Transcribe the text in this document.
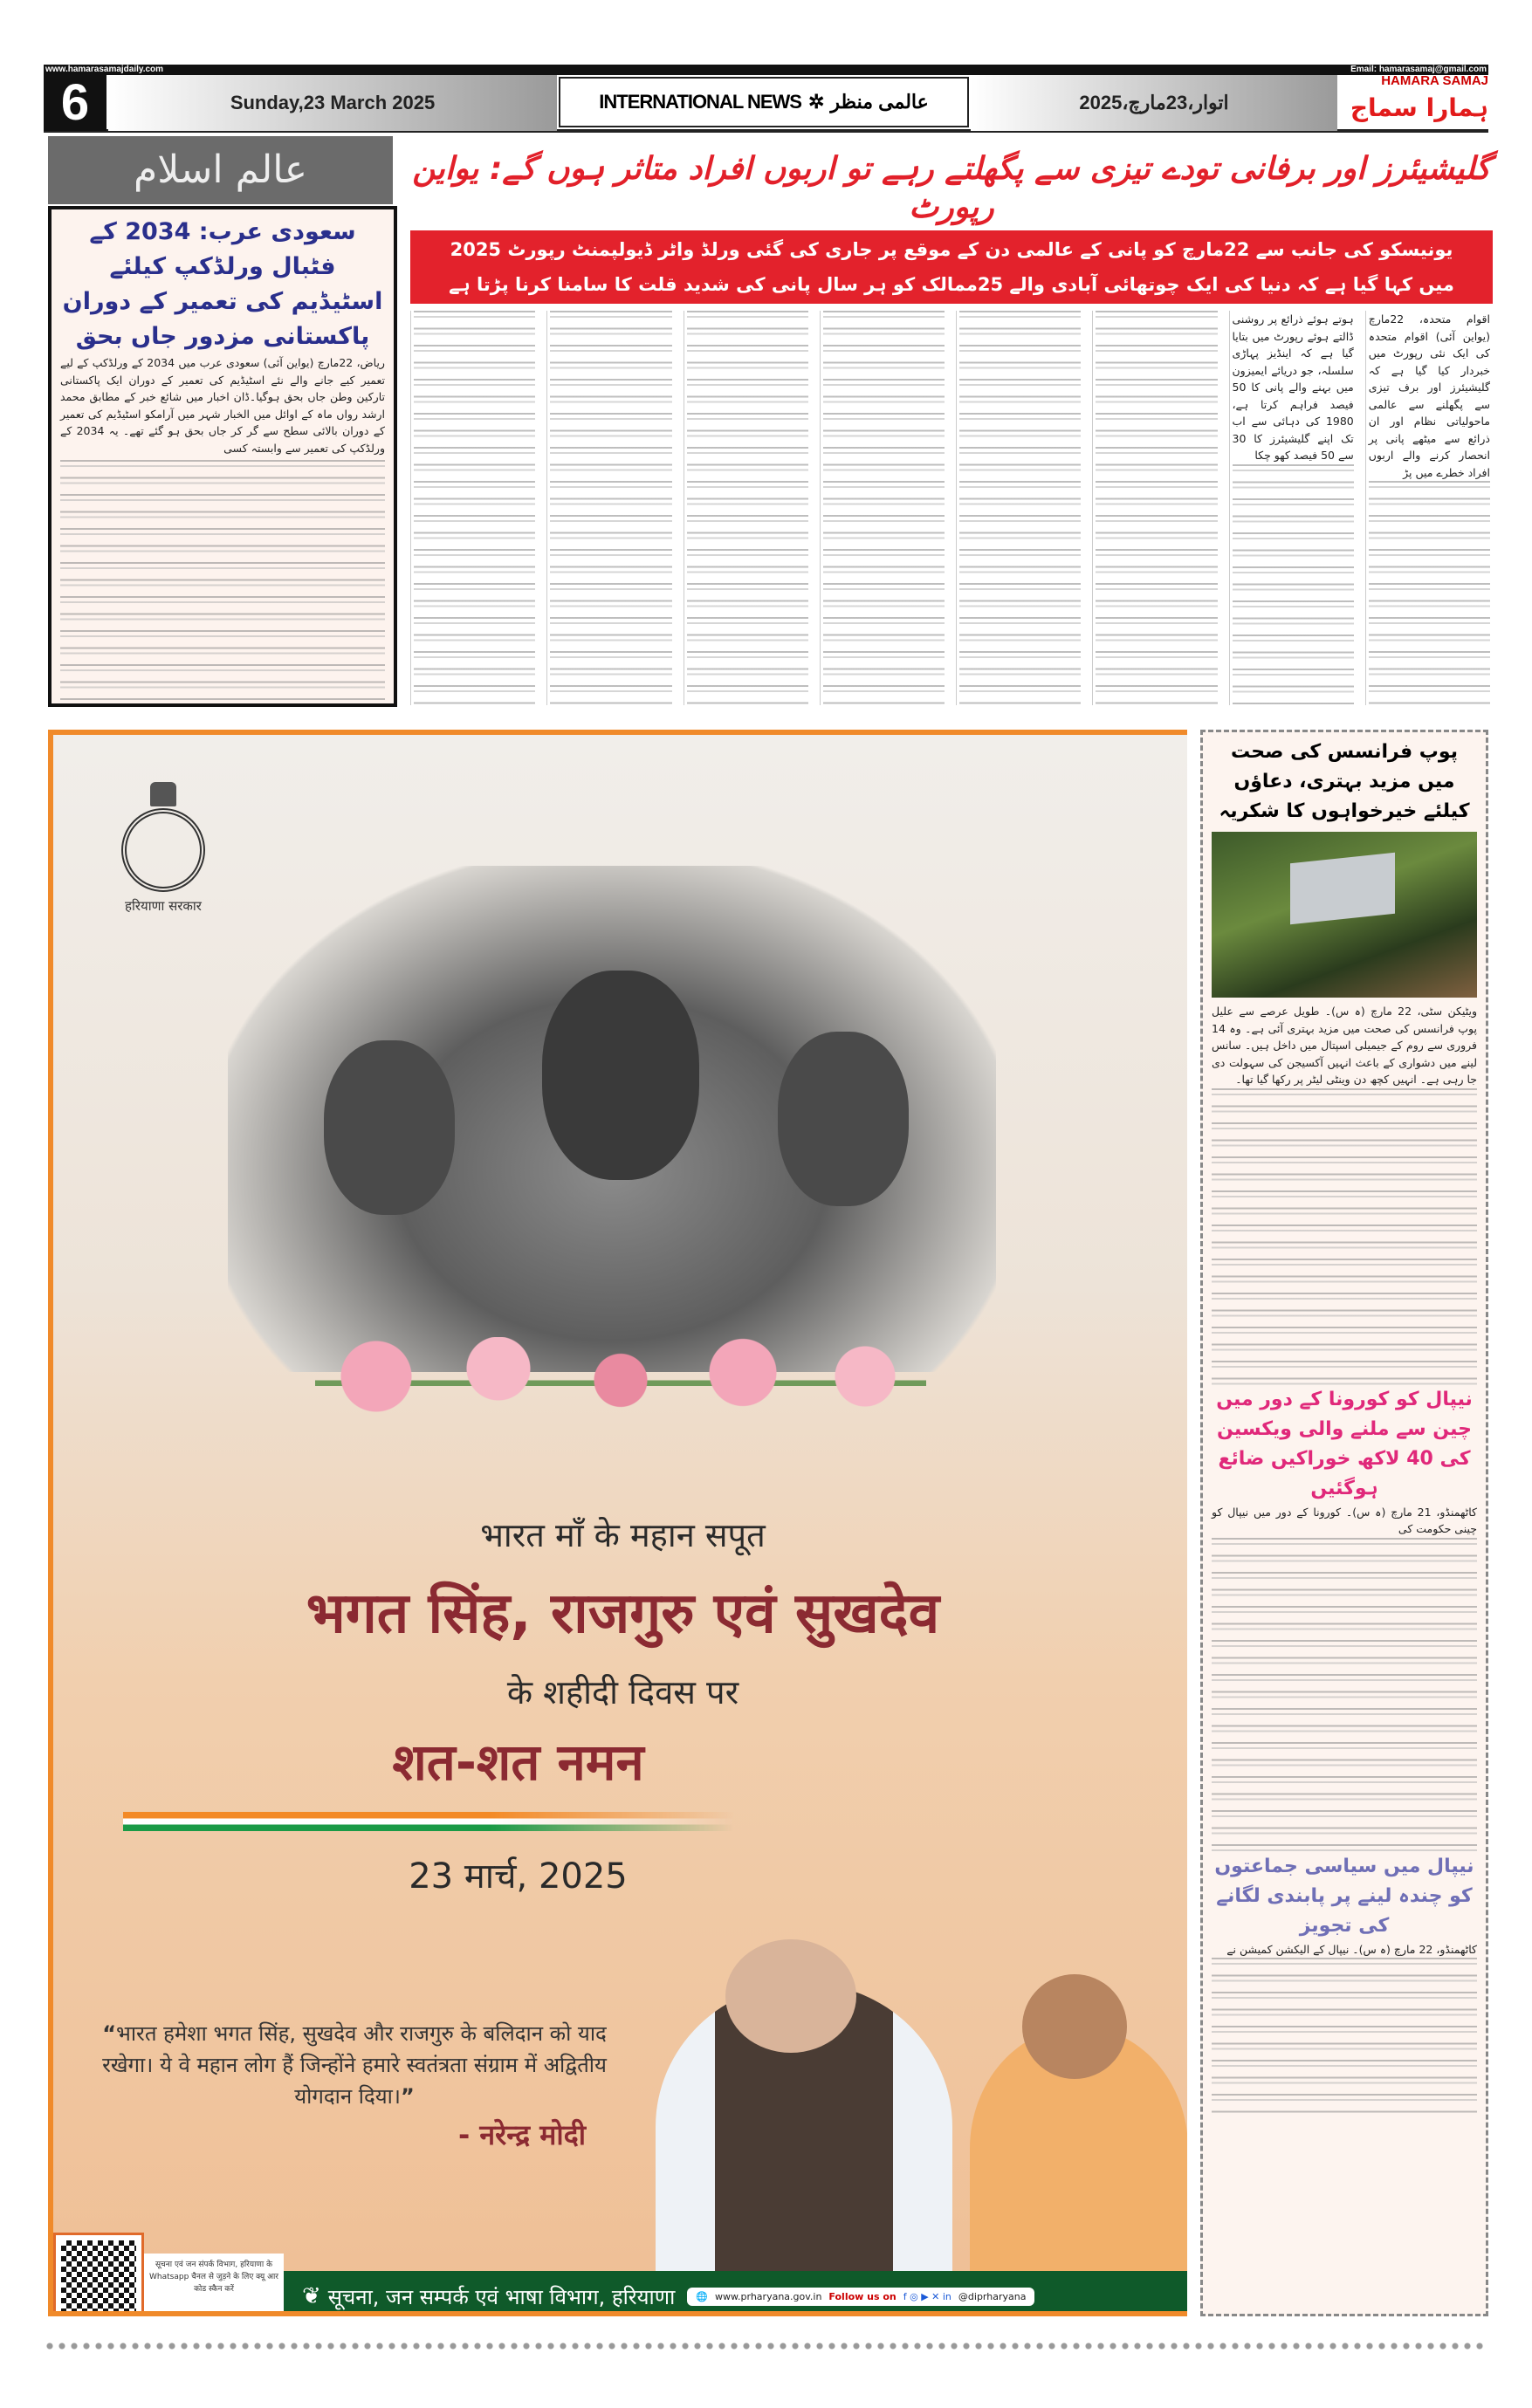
www.hamarasamajdaily.com	Email: hamarasamaj@gmail.com
6	Sunday,23 March 2025	INTERNATIONAL NEWS ✲ عالمی منظر	اتوار،23مارچ،2025
HAMARA SAMAJ
ہمارا سماج
عالم اسلام
سعودی عرب: 2034 کے فٹبال ورلڈکپ کیلئے اسٹیڈیم کی تعمیر کے دوران پاکستانی مزدور جاں بحق

ریاض، 22مارچ (یواین آئی) سعودی عرب میں 2034 کے ورلڈکپ کے لیے تعمیر کیے جانے والے نئے اسٹیڈیم کی تعمیر کے دوران ایک پاکستانی تارکین وطن جاں بحق ہوگیا۔ڈان اخبار میں شائع خبر کے مطابق محمد ارشد رواں ماہ کے اوائل میں الخبار شہر میں آرامکو اسٹیڈیم کی تعمیر کے دوران بالائی سطح سے گر کر جاں بحق ہو گئے تھے۔ یہ 2034 کے ورلڈکپ کی تعمیر سے وابستہ کسی

گلیشیئرز اور برفانی تودے تیزی سے پگھلتے رہے تو اربوں افراد متاثر ہوں گے: یواین رپورٹ
یونیسکو کی جانب سے 22مارچ کو پانی کے عالمی دن کے موقع پر جاری کی گئی ورلڈ واٹر ڈیولپمنٹ رپورٹ 2025
میں کہا گیا ہے کہ دنیا کی ایک چوتھائی آبادی والے 25ممالک کو ہر سال پانی کی شدید قلت کا سامنا کرنا پڑتا ہے

اقوام متحدہ، 22مارچ (یواین آئی) اقوام متحدہ کی ایک نئی رپورٹ میں خبردار کیا گیا ہے کہ گلیشیئرز اور برف تیزی سے پگھلنے سے عالمی ماحولیاتی نظام اور ان ذرائع سے میٹھے پانی پر انحصار کرنے والے اربوں افراد خطرے میں پڑ

ہوتے ہوئے ذرائع پر روشنی ڈالتے ہوئے رپورٹ میں بتایا گیا ہے کہ اینڈیز پہاڑی سلسلہ، جو دریائے ایمیزون میں بہنے والے پانی کا 50 فیصد فراہم کرتا ہے، 1980 کی دہائی سے اب تک اپنے گلیشیئرز کا 30 سے 50 فیصد کھو چکا

हरियाणा सरकार
भारत माँ के महान सपूत
भगत सिंह, राजगुरु एवं सुखदेव
के शहीदी दिवस पर
शत-शत नमन
23 मार्च, 2025
“भारत हमेशा भगत सिंह, सुखदेव और राजगुरु के बलिदान को याद रखेगा। ये वे महान लोग हैं जिन्होंने हमारे स्वतंत्रता संग्राम में अद्वितीय योगदान दिया।”
- नरेन्द्र मोदी
❦ सूचना, जन सम्पर्क एवं भाषा विभाग, हरियाणा 🌐 www.prharyana.gov.in Follow us on f ◎ ▶ ✕ in @diprharyana
सूचना एवं जन संपर्क विभाग, हरियाणा के Whatsapp चैनल से जुड़ने के लिए क्यू आर कोड स्कैन करें
پوپ فرانسس کی صحت میں مزید بہتری، دعاؤں کیلئے خیرخواہوں کا شکریہ

ویٹیکن سٹی، 22 مارچ (ہ س)۔ طویل عرصے سے علیل پوپ فرانسس کی صحت میں مزید بہتری آئی ہے۔ وہ 14 فروری سے روم کے جیمیلی اسپتال میں داخل ہیں۔ سانس لینے میں دشواری کے باعث انہیں آکسیجن کی سہولت دی جا رہی ہے۔ انہیں کچھ دن وینٹی لیٹر پر رکھا گیا تھا۔

نیپال کو کورونا کے دور میں چین سے ملنے والی ویکسین کی 40 لاکھ خوراکیں ضائع ہوگئیں

کاٹھمنڈو، 21 مارچ (ہ س)۔ کورونا کے دور میں نیپال کو چینی حکومت کی

نیپال میں سیاسی جماعتوں کو چندہ لینے پر پابندی لگانے کی تجویز

کاٹھمنڈو، 22 مارچ (ہ س)۔ نیپال کے الیکشن کمیشن نے
